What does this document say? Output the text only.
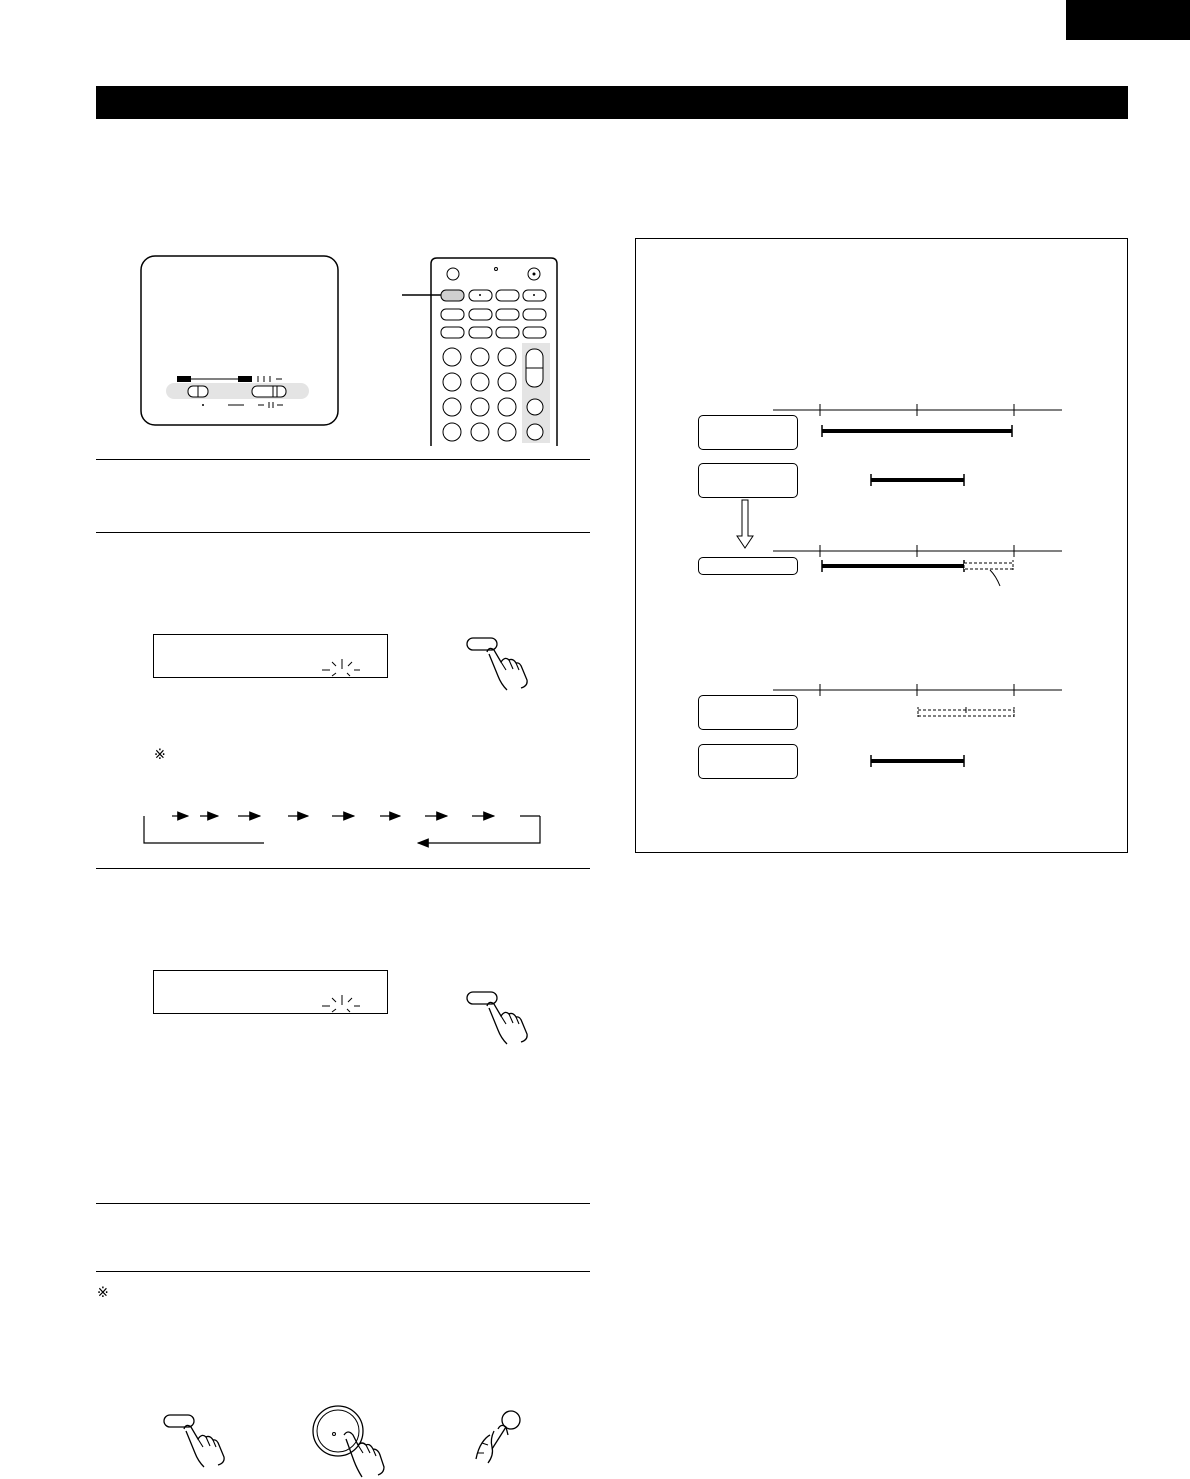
※
※
